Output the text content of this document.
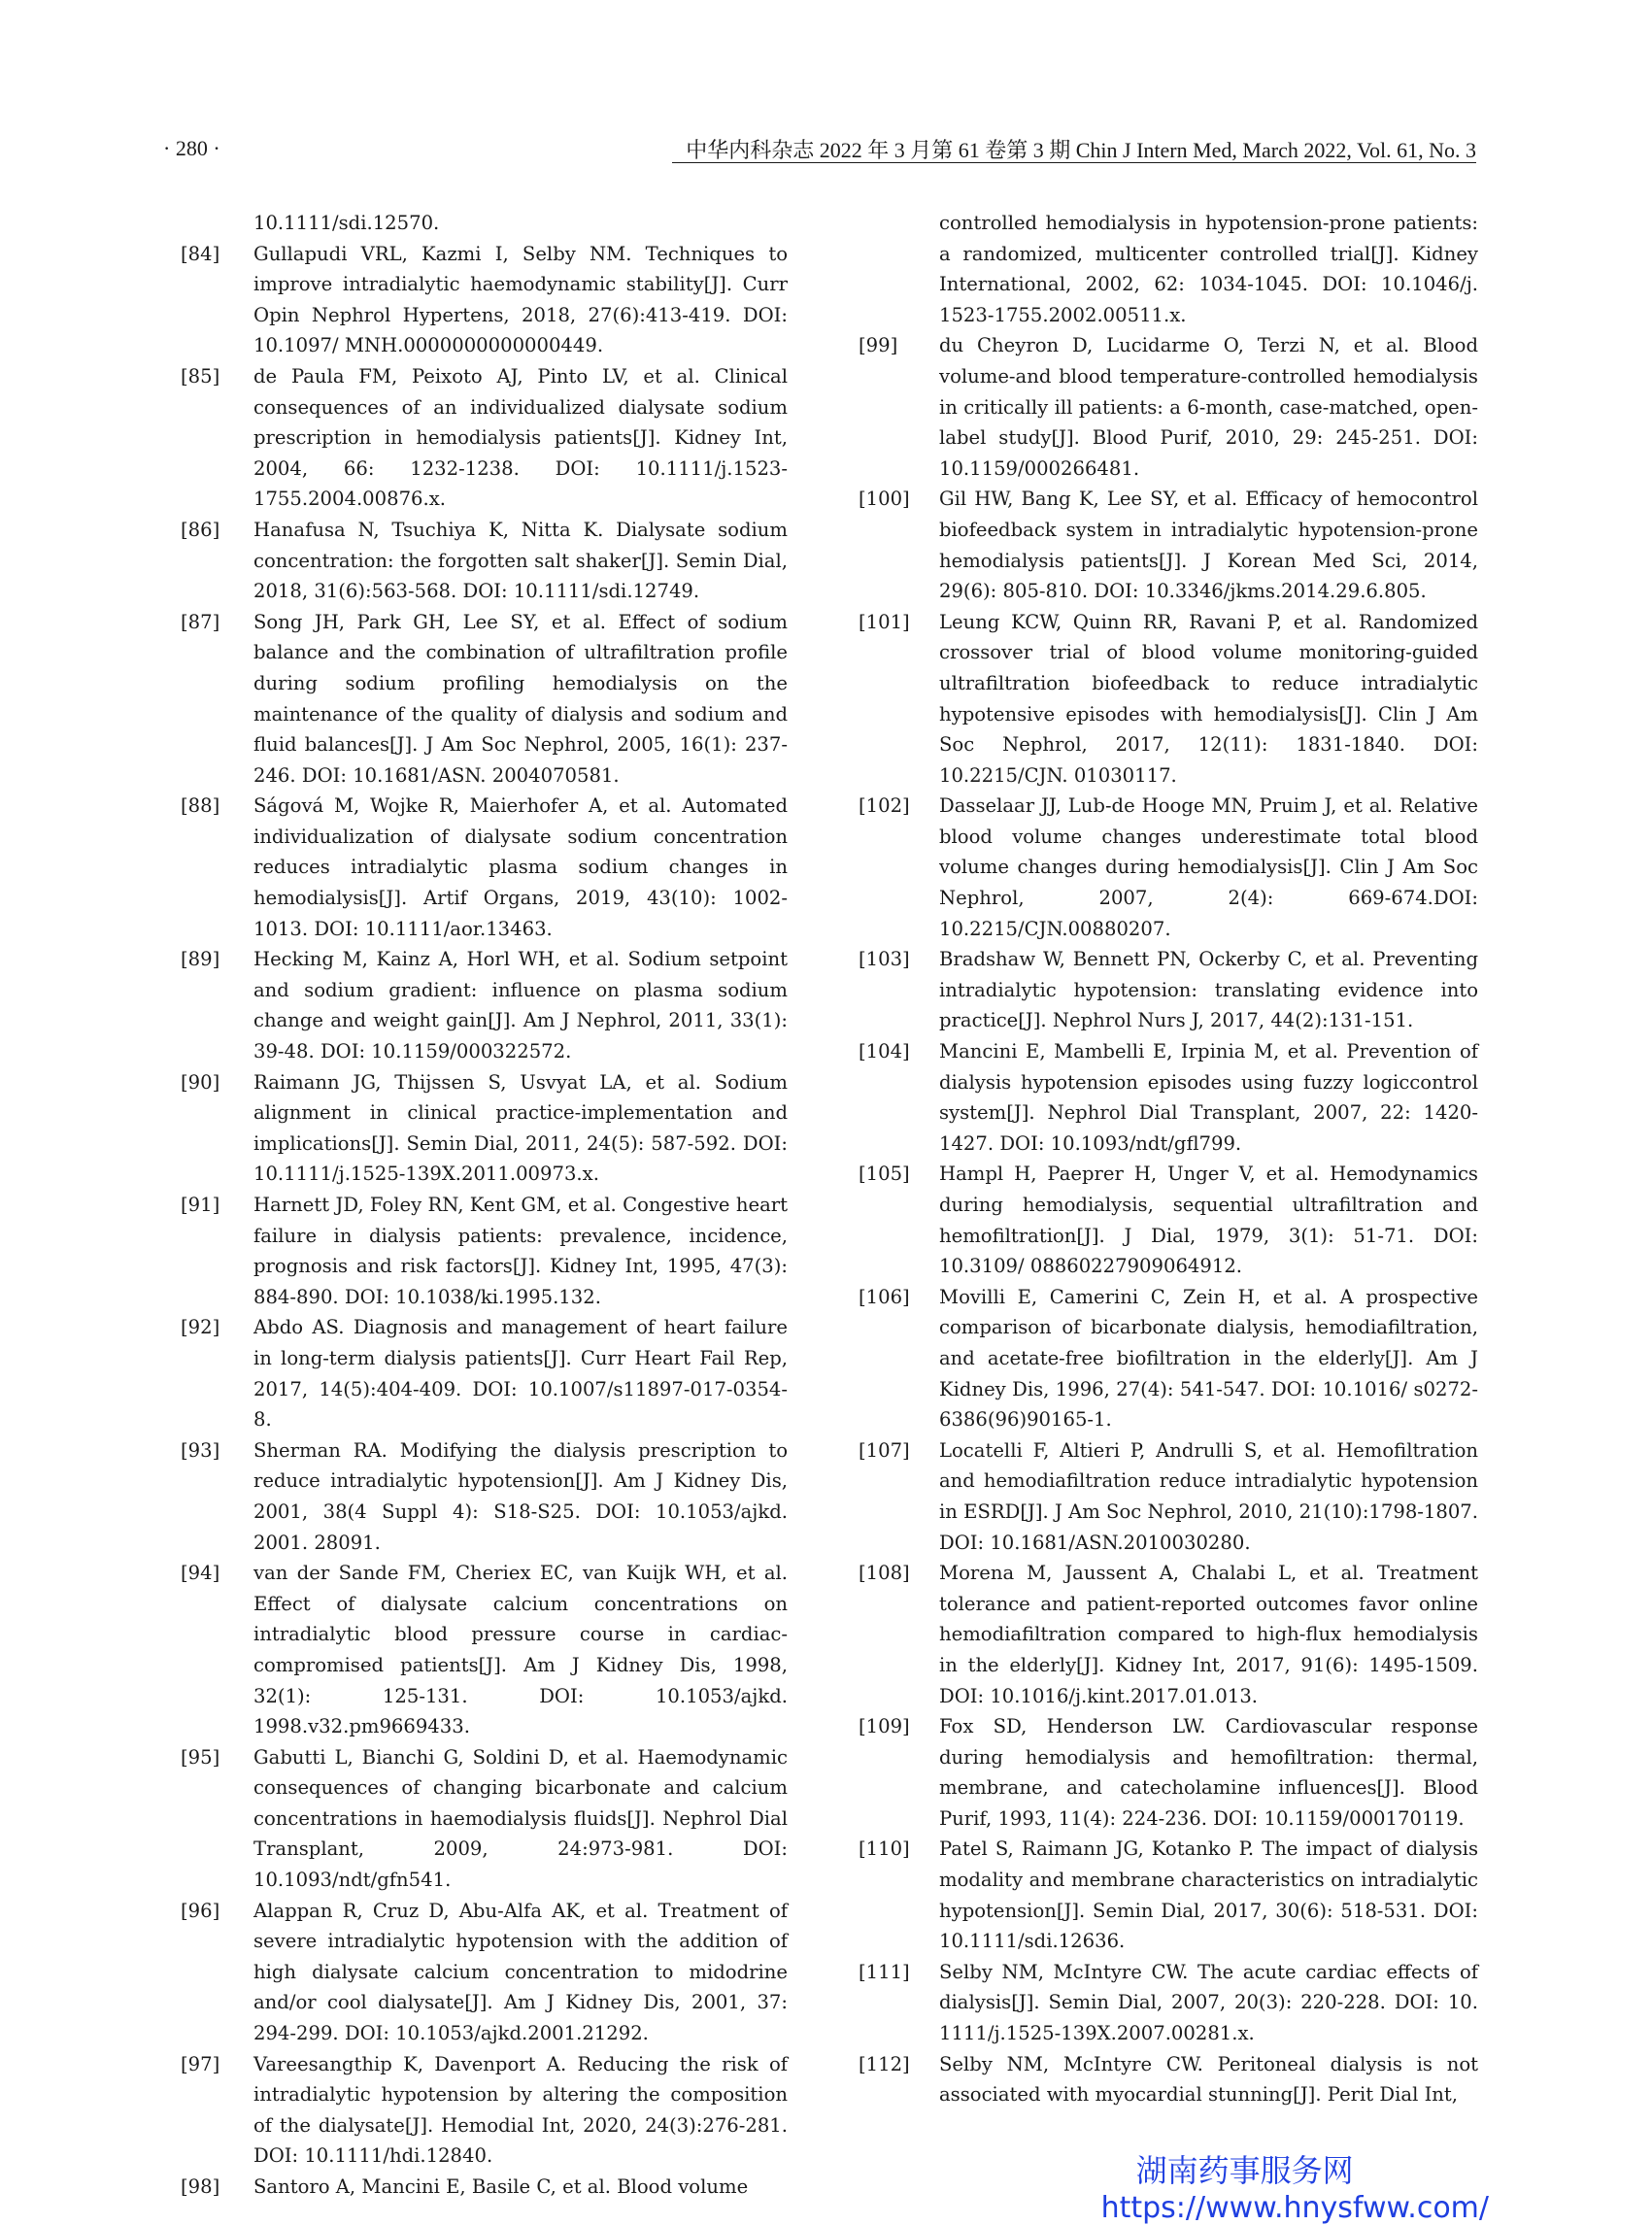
· 280 ·	中华内科杂志 2022 年 3 月第 61 卷第 3 期 Chin J Intern Med, March 2022, Vol. 61, No. 3
10.1111/sdi.12570.
[84] Gullapudi VRL, Kazmi I, Selby NM. Techniques to improve intradialytic haemodynamic stability[J]. Curr Opin Nephrol Hypertens, 2018, 27(6):413-419. DOI: 10.1097/ MNH.0000000000000449.
[85] de Paula FM, Peixoto AJ, Pinto LV, et al. Clinical consequences of an individualized dialysate sodium prescription in hemodialysis patients[J]. Kidney Int, 2004, 66: 1232-1238. DOI: 10.1111/j.1523-1755.2004.00876.x.
[86] Hanafusa N, Tsuchiya K, Nitta K. Dialysate sodium concentration: the forgotten salt shaker[J]. Semin Dial, 2018, 31(6):563-568. DOI: 10.1111/sdi.12749.
[87] Song JH, Park GH, Lee SY, et al. Effect of sodium balance and the combination of ultrafiltration profile during sodium profiling hemodialysis on the maintenance of the quality of dialysis and sodium and fluid balances[J]. J Am Soc Nephrol, 2005, 16(1): 237-246. DOI: 10.1681/ASN. 2004070581.
[88] Ságová M, Wojke R, Maierhofer A, et al. Automated individualization of dialysate sodium concentration reduces intradialytic plasma sodium changes in hemodialysis[J]. Artif Organs, 2019, 43(10): 1002-1013. DOI: 10.1111/aor.13463.
[89] Hecking M, Kainz A, Horl WH, et al. Sodium setpoint and sodium gradient: influence on plasma sodium change and weight gain[J]. Am J Nephrol, 2011, 33(1): 39-48. DOI: 10.1159/000322572.
[90] Raimann JG, Thijssen S, Usvyat LA, et al. Sodium alignment in clinical practice-implementation and implications[J]. Semin Dial, 2011, 24(5): 587-592. DOI: 10.1111/j.1525-139X.2011.00973.x.
[91] Harnett JD, Foley RN, Kent GM, et al. Congestive heart failure in dialysis patients: prevalence, incidence, prognosis and risk factors[J]. Kidney Int, 1995, 47(3): 884-890. DOI: 10.1038/ki.1995.132.
[92] Abdo AS. Diagnosis and management of heart failure in long-term dialysis patients[J]. Curr Heart Fail Rep, 2017, 14(5):404-409. DOI: 10.1007/s11897-017-0354-8.
[93] Sherman RA. Modifying the dialysis prescription to reduce intradialytic hypotension[J]. Am J Kidney Dis, 2001, 38(4 Suppl 4): S18-S25. DOI: 10.1053/ajkd. 2001. 28091.
[94] van der Sande FM, Cheriex EC, van Kuijk WH, et al. Effect of dialysate calcium concentrations on intradialytic blood pressure course in cardiac-compromised patients[J]. Am J Kidney Dis, 1998, 32(1): 125-131. DOI: 10.1053/ajkd. 1998.v32.pm9669433.
[95] Gabutti L, Bianchi G, Soldini D, et al. Haemodynamic consequences of changing bicarbonate and calcium concentrations in haemodialysis fluids[J]. Nephrol Dial Transplant, 2009, 24:973-981. DOI: 10.1093/ndt/gfn541.
[96] Alappan R, Cruz D, Abu-Alfa AK, et al. Treatment of severe intradialytic hypotension with the addition of high dialysate calcium concentration to midodrine and/or cool dialysate[J]. Am J Kidney Dis, 2001, 37: 294-299. DOI: 10.1053/ajkd.2001.21292.
[97] Vareesangthip K, Davenport A. Reducing the risk of intradialytic hypotension by altering the composition of the dialysate[J]. Hemodial Int, 2020, 24(3):276-281. DOI: 10.1111/hdi.12840.
[98] Santoro A, Mancini E, Basile C, et al. Blood volume
controlled hemodialysis in hypotension-prone patients: a randomized, multicenter controlled trial[J]. Kidney International, 2002, 62: 1034-1045. DOI: 10.1046/j. 1523-1755.2002.00511.x.
[99] du Cheyron D, Lucidarme O, Terzi N, et al. Blood volume-and blood temperature-controlled hemodialysis in critically ill patients: a 6-month, case-matched, open-label study[J]. Blood Purif, 2010, 29: 245-251. DOI: 10.1159/000266481.
[100] Gil HW, Bang K, Lee SY, et al. Efficacy of hemocontrol biofeedback system in intradialytic hypotension-prone hemodialysis patients[J]. J Korean Med Sci, 2014, 29(6): 805-810. DOI: 10.3346/jkms.2014.29.6.805.
[101] Leung KCW, Quinn RR, Ravani P, et al. Randomized crossover trial of blood volume monitoring-guided ultrafiltration biofeedback to reduce intradialytic hypotensive episodes with hemodialysis[J]. Clin J Am Soc Nephrol, 2017, 12(11): 1831-1840. DOI: 10.2215/CJN. 01030117.
[102] Dasselaar JJ, Lub-de Hooge MN, Pruim J, et al. Relative blood volume changes underestimate total blood volume changes during hemodialysis[J]. Clin J Am Soc Nephrol, 2007, 2(4): 669-674.DOI: 10.2215/CJN.00880207.
[103] Bradshaw W, Bennett PN, Ockerby C, et al. Preventing intradialytic hypotension: translating evidence into practice[J]. Nephrol Nurs J, 2017, 44(2):131-151.
[104] Mancini E, Mambelli E, Irpinia M, et al. Prevention of dialysis hypotension episodes using fuzzy logiccontrol system[J]. Nephrol Dial Transplant, 2007, 22: 1420-1427. DOI: 10.1093/ndt/gfl799.
[105] Hampl H, Paeprer H, Unger V, et al. Hemodynamics during hemodialysis, sequential ultrafiltration and hemofiltration[J]. J Dial, 1979, 3(1): 51-71. DOI: 10.3109/ 08860227909064912.
[106] Movilli E, Camerini C, Zein H, et al. A prospective comparison of bicarbonate dialysis, hemodiafiltration, and acetate-free biofiltration in the elderly[J]. Am J Kidney Dis, 1996, 27(4): 541-547. DOI: 10.1016/ s0272-6386(96)90165-1.
[107] Locatelli F, Altieri P, Andrulli S, et al. Hemofiltration and hemodiafiltration reduce intradialytic hypotension in ESRD[J]. J Am Soc Nephrol, 2010, 21(10):1798-1807. DOI: 10.1681/ASN.2010030280.
[108] Morena M, Jaussent A, Chalabi L, et al. Treatment tolerance and patient-reported outcomes favor online hemodiafiltration compared to high-flux hemodialysis in the elderly[J]. Kidney Int, 2017, 91(6): 1495-1509. DOI: 10.1016/j.kint.2017.01.013.
[109] Fox SD, Henderson LW. Cardiovascular response during hemodialysis and hemofiltration: thermal, membrane, and catecholamine influences[J]. Blood Purif, 1993, 11(4): 224-236. DOI: 10.1159/000170119.
[110] Patel S, Raimann JG, Kotanko P. The impact of dialysis modality and membrane characteristics on intradialytic hypotension[J]. Semin Dial, 2017, 30(6): 518-531. DOI: 10.1111/sdi.12636.
[111] Selby NM, McIntyre CW. The acute cardiac effects of dialysis[J]. Semin Dial, 2007, 20(3): 220-228. DOI: 10. 1111/j.1525-139X.2007.00281.x.
[112] Selby NM, McIntyre CW. Peritoneal dialysis is not associated with myocardial stunning[J]. Perit Dial Int,
湖南药事服务网
https://www.hnysfww.com/
